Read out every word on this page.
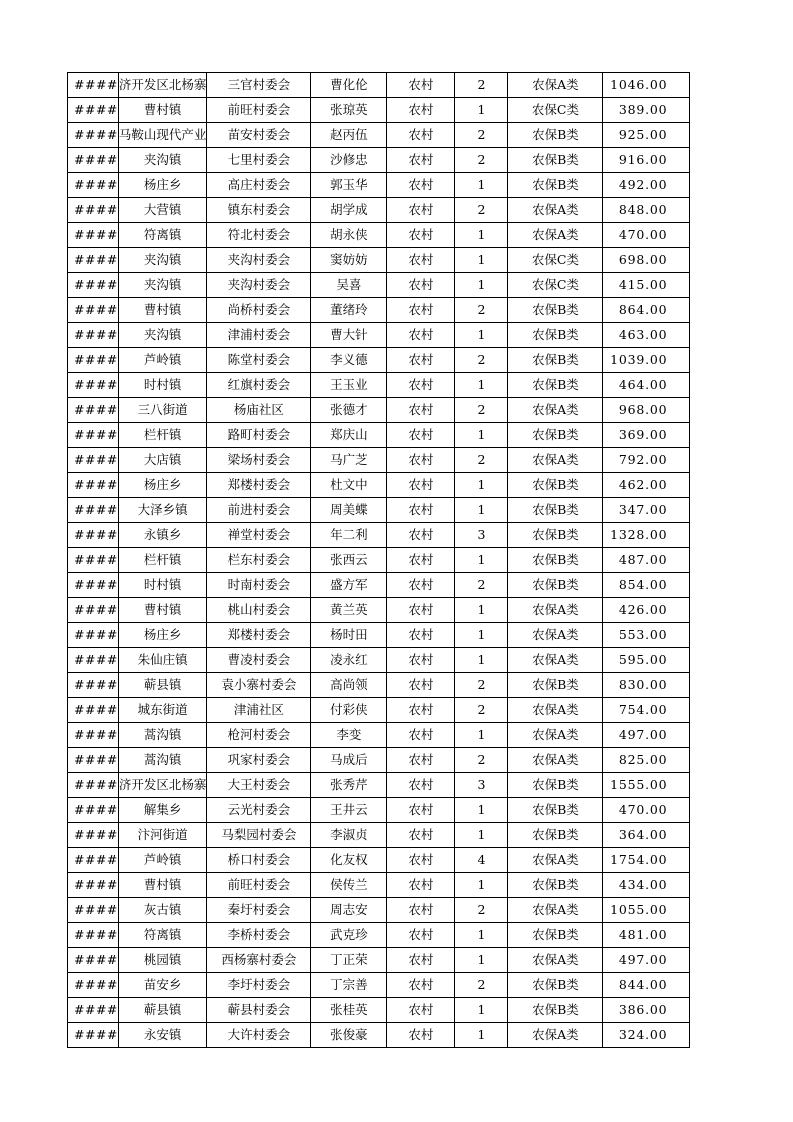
####	济开发区北杨寨	三官村委会	曹化伦	农村	2	农保A类	1046.00
####	曹村镇	前旺村委会	张琼英	农村	1	农保C类	389.00
####	马鞍山现代产业	苗安村委会	赵丙伍	农村	2	农保B类	925.00
####	夹沟镇	七里村委会	沙修忠	农村	2	农保B类	916.00
####	杨庄乡	高庄村委会	郭玉华	农村	1	农保B类	492.00
####	大营镇	镇东村委会	胡学成	农村	2	农保A类	848.00
####	符离镇	符北村委会	胡永侠	农村	1	农保A类	470.00
####	夹沟镇	夹沟村委会	窦妨妨	农村	1	农保C类	698.00
####	夹沟镇	夹沟村委会	吴喜	农村	1	农保C类	415.00
####	曹村镇	尚桥村委会	董绪玲	农村	2	农保B类	864.00
####	夹沟镇	津浦村委会	曹大针	农村	1	农保B类	463.00
####	芦岭镇	陈堂村委会	李义德	农村	2	农保B类	1039.00
####	时村镇	红旗村委会	王玉业	农村	1	农保B类	464.00
####	三八街道	杨庙社区	张德才	农村	2	农保A类	968.00
####	栏杆镇	路町村委会	郑庆山	农村	1	农保B类	369.00
####	大店镇	梁场村委会	马广芝	农村	2	农保A类	792.00
####	杨庄乡	郑楼村委会	杜文中	农村	1	农保B类	462.00
####	大泽乡镇	前进村委会	周美蝶	农村	1	农保B类	347.00
####	永镇乡	禅堂村委会	年二利	农村	3	农保B类	1328.00
####	栏杆镇	栏东村委会	张西云	农村	1	农保B类	487.00
####	时村镇	时南村委会	盛方军	农村	2	农保B类	854.00
####	曹村镇	桃山村委会	黄兰英	农村	1	农保A类	426.00
####	杨庄乡	郑楼村委会	杨时田	农村	1	农保A类	553.00
####	朱仙庄镇	曹凌村委会	凌永红	农村	1	农保A类	595.00
####	蕲县镇	袁小寨村委会	高尚领	农村	2	农保B类	830.00
####	城东街道	津浦社区	付彩侠	农村	2	农保A类	754.00
####	蒿沟镇	枪河村委会	李变	农村	1	农保A类	497.00
####	蒿沟镇	巩家村委会	马成后	农村	2	农保A类	825.00
####	济开发区北杨寨	大王村委会	张秀芹	农村	3	农保B类	1555.00
####	解集乡	云光村委会	王井云	农村	1	农保B类	470.00
####	汴河街道	马梨园村委会	李淑贞	农村	1	农保B类	364.00
####	芦岭镇	桥口村委会	化友权	农村	4	农保A类	1754.00
####	曹村镇	前旺村委会	侯传兰	农村	1	农保B类	434.00
####	灰古镇	秦圩村委会	周志安	农村	2	农保A类	1055.00
####	符离镇	李桥村委会	武克珍	农村	1	农保B类	481.00
####	桃园镇	西杨寨村委会	丁正荣	农村	1	农保A类	497.00
####	苗安乡	李圩村委会	丁宗善	农村	2	农保B类	844.00
####	蕲县镇	蕲县村委会	张桂英	农村	1	农保B类	386.00
####	永安镇	大许村委会	张俊豪	农村	1	农保A类	324.00
